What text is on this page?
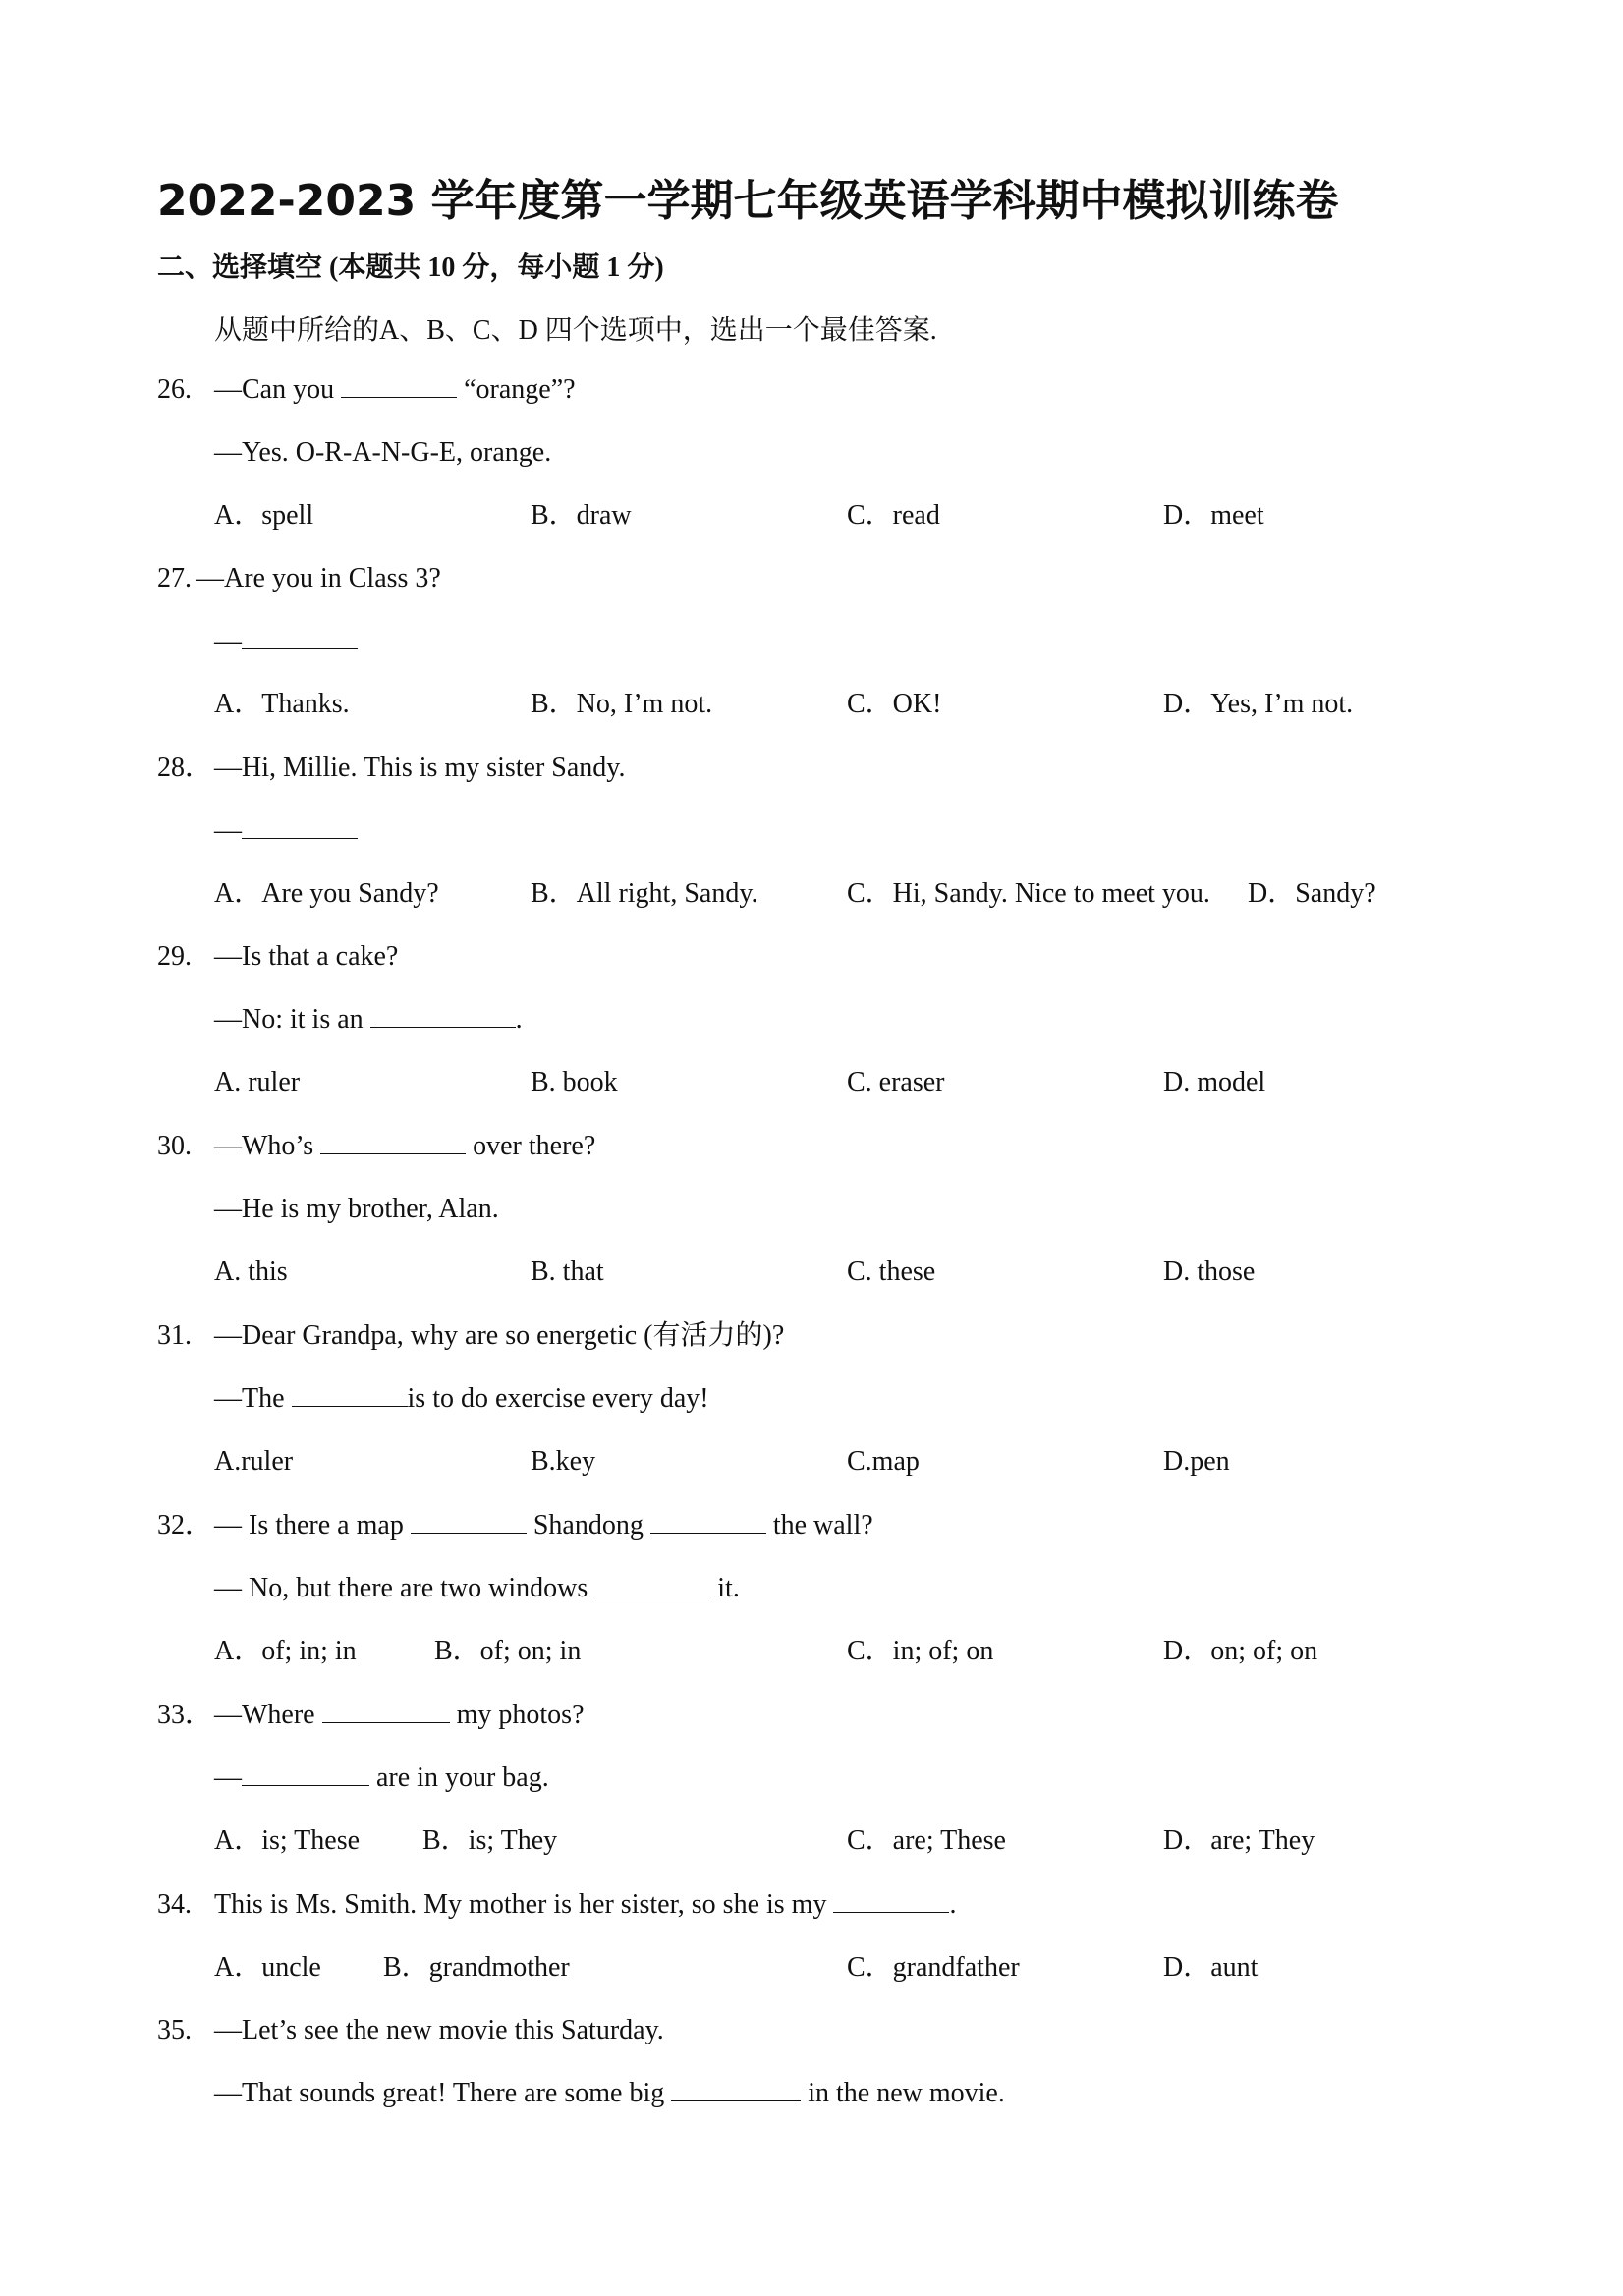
2022-2023 学年度第一学期七年级英语学科期中模拟训练卷
二、选择填空 (本题共 10 分，每小题 1 分)
从题中所给的A、B、C、D 四个选项中，选出一个最佳答案.
26. —Can you	“orange”?
—Yes. O-R-A-N-G-E, orange.
A．spell	B．draw	C．read	D．meet
27. —Are you in Class 3?
—
A．Thanks.	B．No, I’m not.	C．OK!	D．Yes, I’m not.
28． —Hi, Millie. This is my sister Sandy.
—
A．Are you Sandy?	B．All right, Sandy.	C．Hi, Sandy. Nice to meet you. D．Sandy?
29. —Is that a cake?
—No: it is an	.
A. ruler	B. book	C. eraser	D. model
30. —Who’s	over there?
—He is my brother, Alan.
A. this	B. that	C. these	D. those
31. —Dear Grandpa, why are so energetic (有活力的)?
—The	is to do exercise every day!
A.ruler	B.key	C.map	D.pen
32． — Is there a map	Shandong	the wall?
— No, but there are two windows	it.
A．of; in; in	B．of; on; in	C．in; of; on	D．on; of; on
33． —Where	my photos?
—	are in your bag.
A．is; These B．is; They	C．are; These	D．are; They
34. This is Ms. Smith. My mother is her sister, so she is my	.
A．uncle B．grandmother	C．grandfather	D．aunt
35. —Let’s see the new movie this Saturday.
—That sounds great! There are some big	in the new movie.
